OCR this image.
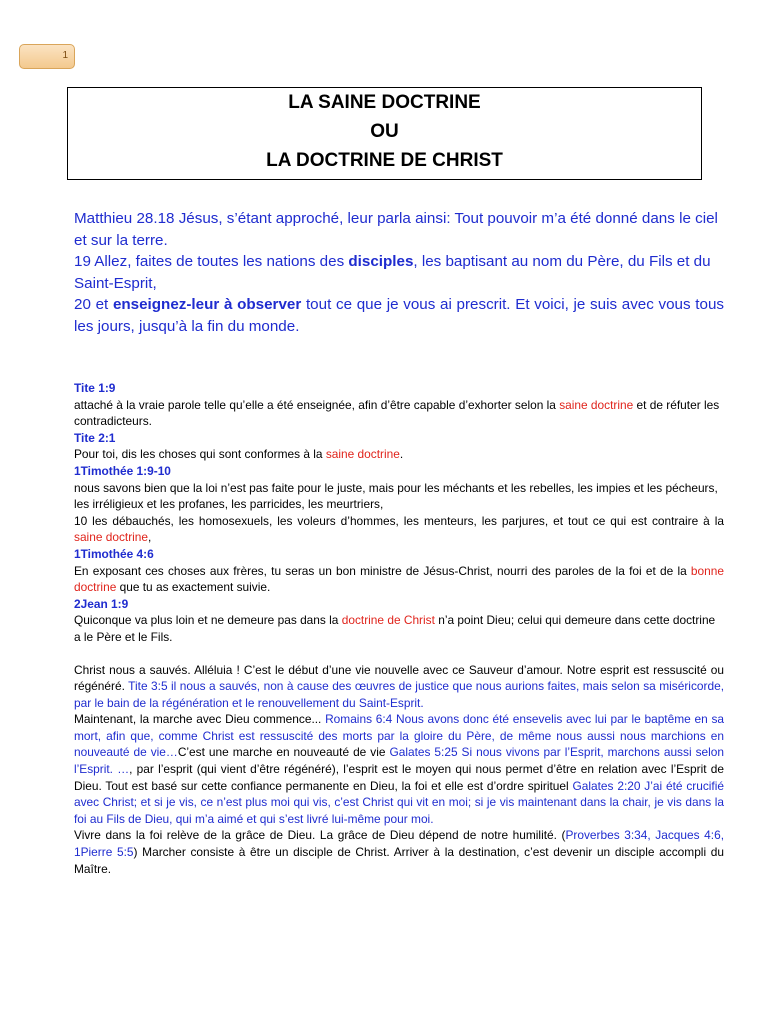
1
LA SAINE DOCTRINE
OU
LA DOCTRINE DE CHRIST

Matthieu 28.18 Jésus, s’étant approché, leur parla ainsi: Tout pouvoir m’a été donné dans le ciel et sur la terre.

19 Allez, faites de toutes les nations des disciples, les baptisant au nom du Père, du Fils et du Saint-Esprit,

20 et enseignez-leur à observer tout ce que je vous ai prescrit. Et voici, je suis avec vous tous les jours, jusqu’à la fin du monde.

Tite 1:9

attaché à la vraie parole telle qu’elle a été enseignée, afin d’être capable d’exhorter selon la saine doctrine et de réfuter les contradicteurs.

Tite 2:1

Pour toi, dis les choses qui sont conformes à la saine doctrine.

1Timothée 1:9-10

nous savons bien que la loi n’est pas faite pour le juste, mais pour les méchants et les rebelles, les impies et les pécheurs, les irréligieux et les profanes, les parricides, les meurtriers,

10 les débauchés, les homosexuels, les voleurs d’hommes, les menteurs, les parjures, et tout ce qui est contraire à la saine doctrine,

1Timothée 4:6

En exposant ces choses aux frères, tu seras un bon ministre de Jésus-Christ, nourri des paroles de la foi et de la bonne doctrine que tu as exactement suivie.

2Jean 1:9

Quiconque va plus loin et ne demeure pas dans la doctrine de Christ n’a point Dieu; celui qui demeure dans cette doctrine a le Père et le Fils.

Christ nous a sauvés. Alléluia ! C’est le début d’une vie nouvelle avec ce Sauveur d’amour. Notre esprit est ressuscité ou régénéré. Tite 3:5 il nous a sauvés, non à cause des œuvres de justice que nous aurions faites, mais selon sa miséricorde, par le bain de la régénération et le renouvellement du Saint-Esprit.

Maintenant, la marche avec Dieu commence... Romains 6:4 Nous avons donc été ensevelis avec lui par le baptême en sa mort, afin que, comme Christ est ressuscité des morts par la gloire du Père, de même nous aussi nous marchions en nouveauté de vie…C’est une marche en nouveauté de vie Galates 5:25 Si nous vivons par l’Esprit, marchons aussi selon l’Esprit. …, par l’esprit (qui vient d’être régénéré), l’esprit est le moyen qui nous permet d’être en relation avec l’Esprit de Dieu. Tout est basé sur cette confiance permanente en Dieu, la foi et elle est d’ordre spirituel Galates 2:20 J’ai été crucifié avec Christ; et si je vis, ce n’est plus moi qui vis, c’est Christ qui vit en moi; si je vis maintenant dans la chair, je vis dans la foi au Fils de Dieu, qui m’a aimé et qui s’est livré lui-même pour moi.

Vivre dans la foi relève de la grâce de Dieu. La grâce de Dieu dépend de notre humilité. (Proverbes 3:34, Jacques 4:6, 1Pierre 5:5) Marcher consiste à être un disciple de Christ. Arriver à la destination, c’est devenir un disciple accompli du Maître.
